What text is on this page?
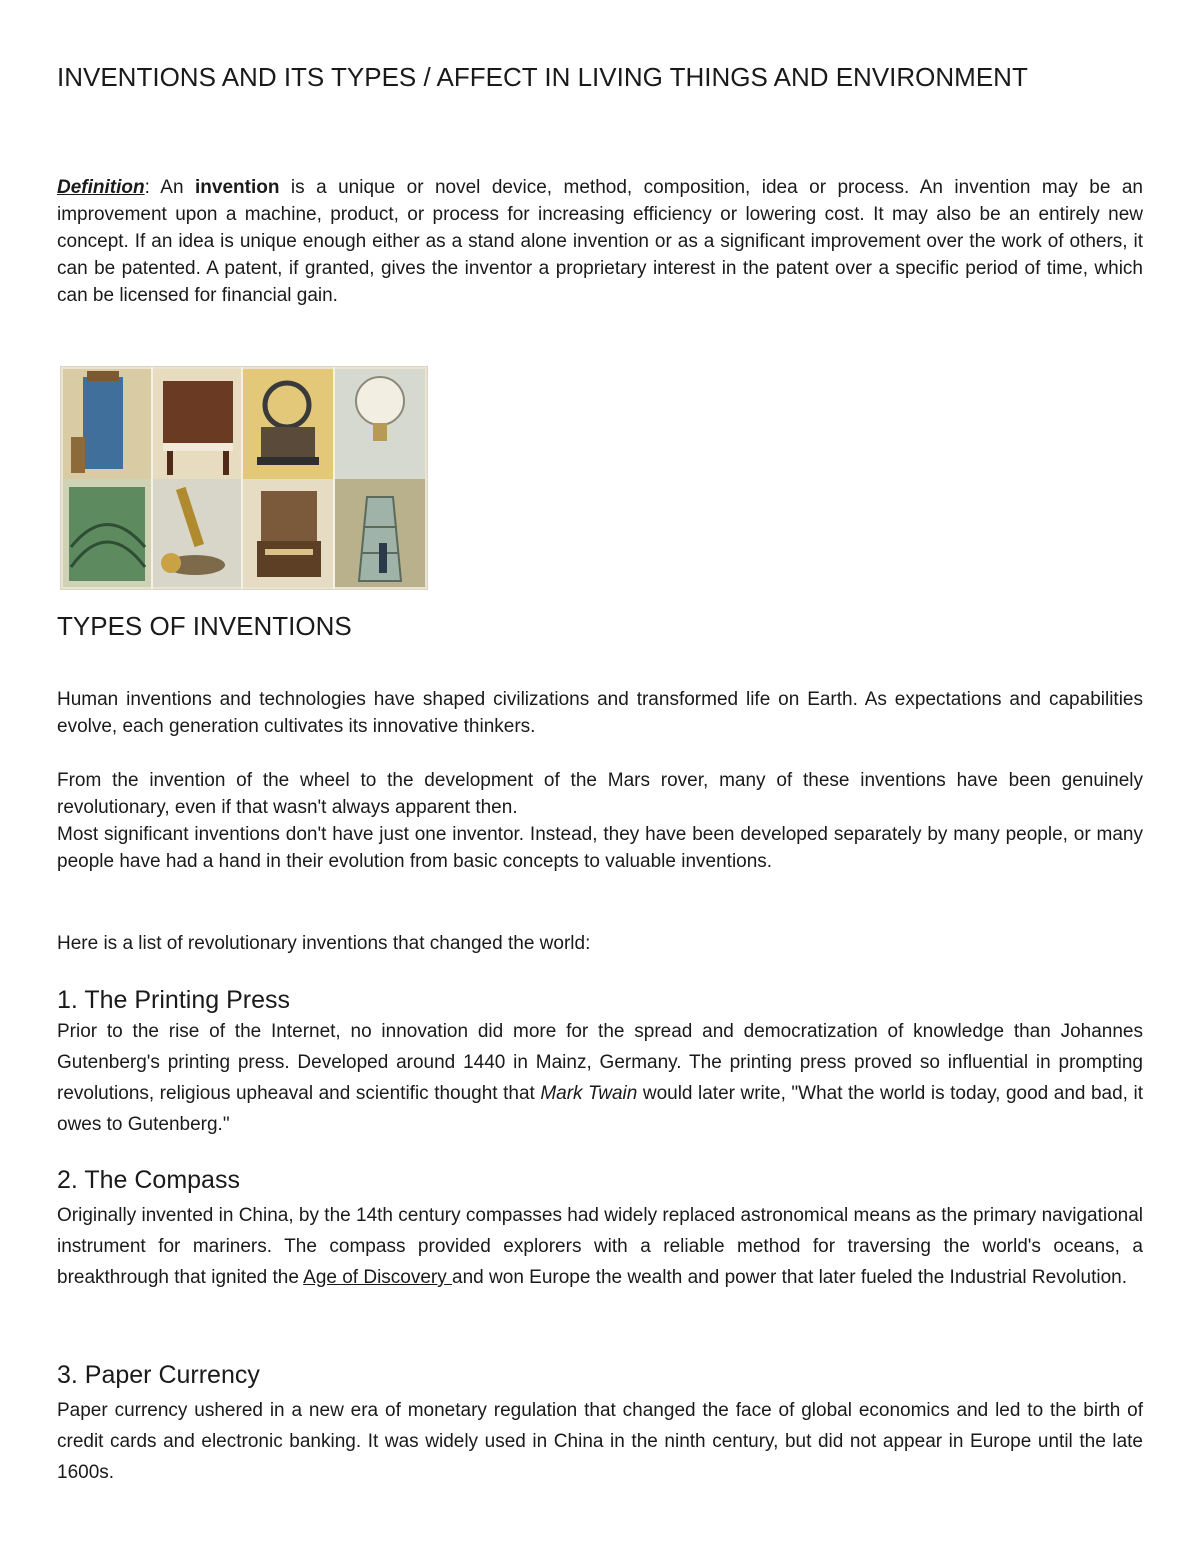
INVENTIONS AND ITS TYPES / AFFECT IN LIVING THINGS AND ENVIRONMENT

Definition: An invention is a unique or novel device, method, composition, idea or process. An invention may be an improvement upon a machine, product, or process for increasing efficiency or lowering cost. It may also be an entirely new concept. If an idea is unique enough either as a stand alone invention or as a significant improvement over the work of others, it can be patented. A patent, if granted, gives the inventor a proprietary interest in the patent over a specific period of time, which can be licensed for financial gain.

TYPES OF INVENTIONS

Human inventions and technologies have shaped civilizations and transformed life on Earth. As expectations and capabilities evolve, each generation cultivates its innovative thinkers.

From the invention of the wheel to the development of the Mars rover, many of these inventions have been genuinely revolutionary, even if that wasn't always apparent then.

Most significant inventions don't have just one inventor. Instead, they have been developed separately by many people, or many people have had a hand in their evolution from basic concepts to valuable inventions.

Here is a list of revolutionary inventions that changed the world:

1. The Printing Press

Prior to the rise of the Internet, no innovation did more for the spread and democratization of knowledge than Johannes Gutenberg's printing press. Developed around 1440 in Mainz, Germany. The printing press proved so influential in prompting revolutions, religious upheaval and scientific thought that Mark Twain would later write, "What the world is today, good and bad, it owes to Gutenberg."

2. The Compass

Originally invented in China, by the 14th century compasses had widely replaced astronomical means as the primary navigational instrument for mariners. The compass provided explorers with a reliable method for traversing the world's oceans, a breakthrough that ignited the Age of Discovery and won Europe the wealth and power that later fueled the Industrial Revolution.

3. Paper Currency

Paper currency ushered in a new era of monetary regulation that changed the face of global economics and led to the birth of credit cards and electronic banking. It was widely used in China in the ninth century, but did not appear in Europe until the late 1600s.
